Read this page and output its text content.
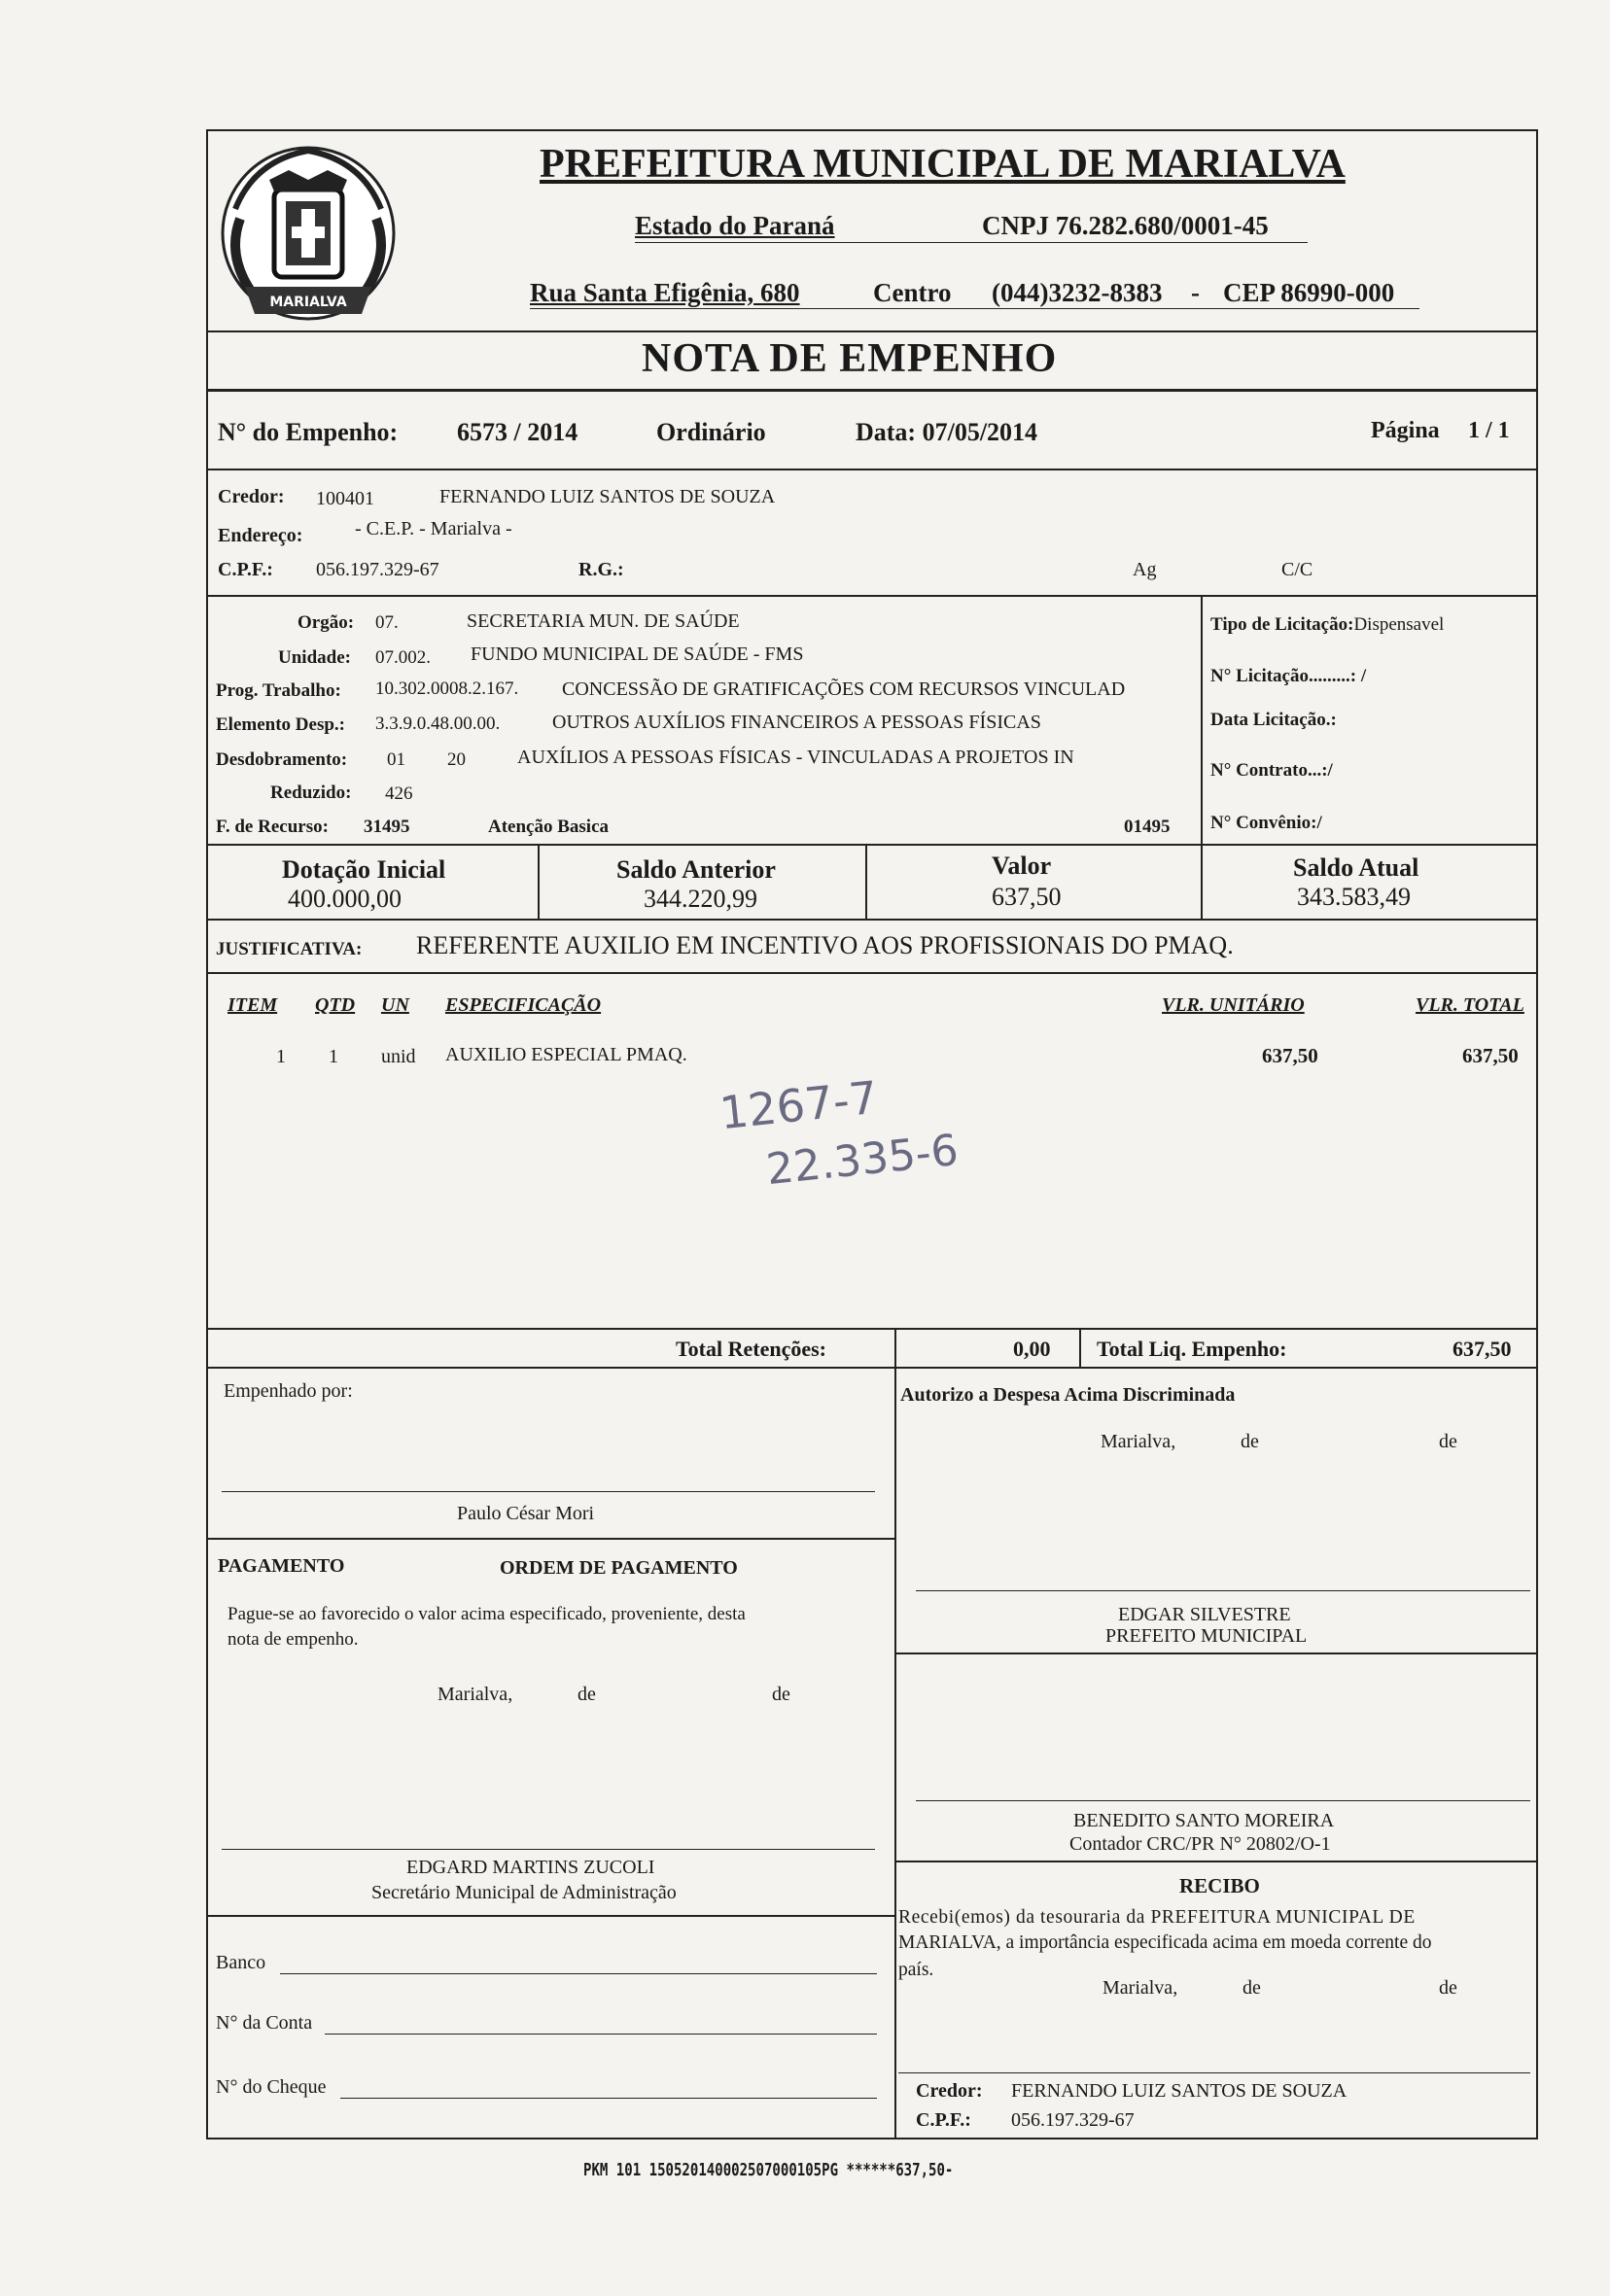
MARIALVA
PREFEITURA MUNICIPAL DE MARIALVA
Estado do Paraná	CNPJ 76.282.680/0001-45
Rua Santa Efigênia, 680	Centro (044)3232-8383 - CEP 86990-000
NOTA DE EMPENHO
N° do Empenho: 6573 / 2014	Ordinário	Data: 07/05/2014	Página 1 / 1
Credor: 100401	FERNANDO LUIZ SANTOS DE SOUZA
Endereço:	- C.E.P. - Marialva -
C.P.F.: 056.197.329-67	R.G.:	Ag	C/C
Orgão: 07.	SECRETARIA MUN. DE SAÚDE
Unidade: 07.002. FUNDO MUNICIPAL DE SAÚDE - FMS
Prog. Trabalho: 10.302.0008.2.167. CONCESSÃO DE GRATIFICAÇÕES COM RECURSOS VINCULAD
Elemento Desp.: 3.3.9.0.48.00.00.	OUTROS AUXÍLIOS FINANCEIROS A PESSOAS FÍSICAS
Desdobramento: 01 20	AUXÍLIOS A PESSOAS FÍSICAS - VINCULADAS A PROJETOS IN
Reduzido: 426
F. de Recurso: 31495	Atenção Basica	01495
Tipo de Licitação:Dispensavel
N° Licitação.........: /
Data Licitação.:
N° Contrato...:/
N° Convênio:/
Dotação Inicial
400.000,00
Saldo Anterior
344.220,99
Valor
637,50
Saldo Atual
343.583,49
JUSTIFICATIVA: REFERENTE AUXILIO EM INCENTIVO AOS PROFISSIONAIS DO PMAQ.
ITEM QTD UN ESPECIFICAÇÃO	VLR. UNITÁRIO	VLR. TOTAL
1 1 unid AUXILIO ESPECIAL PMAQ.	637,50	637,50
1267-7
22.335-6
Total Retenções:	0,00 Total Liq. Empenho:	637,50
Empenhado por:
Paulo César Mori
PAGAMENTO	ORDEM DE PAGAMENTO
Pague-se ao favorecido o valor acima especificado, proveniente, desta
nota de empenho.
Marialva,	de	de
EDGARD MARTINS ZUCOLI
Secretário Municipal de Administração
Banco
N° da Conta
N° do Cheque
Autorizo a Despesa Acima Discriminada
Marialva,	de	de
EDGAR SILVESTRE
PREFEITO MUNICIPAL
BENEDITO SANTO MOREIRA
Contador CRC/PR N° 20802/O-1
RECIBO
Recebi(emos) da tesouraria da PREFEITURA MUNICIPAL DE
MARIALVA, a importância especificada acima em moeda corrente do
país.
Marialva,	de	de
Credor: FERNANDO LUIZ SANTOS DE SOUZA
C.P.F.: 056.197.329-67
PKM 101 150520140002507000105PG ******637,50-
